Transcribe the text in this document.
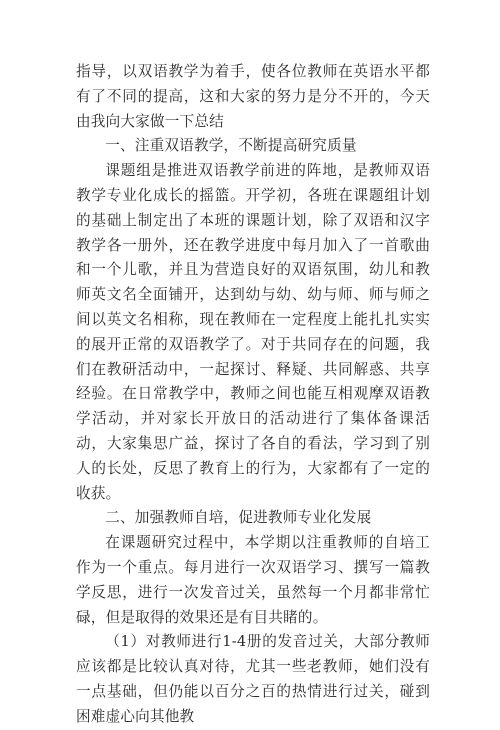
指导，以双语教学为着手，使各位教师在英语水平都有了不同的提高，这和大家的努力是分不开的，今天由我向大家做一下总结

一、注重双语教学，不断提高研究质量

课题组是推进双语教学前进的阵地，是教师双语教学专业化成长的摇篮。开学初，各班在课题组计划的基础上制定出了本班的课题计划，除了双语和汉字教学各一册外，还在教学进度中每月加入了一首歌曲和一个儿歌，并且为营造良好的双语氛围，幼儿和教师英文名全面铺开，达到幼与幼、幼与师、师与师之间以英文名相称，现在教师在一定程度上能扎扎实实的展开正常的双语教学了。对于共同存在的问题，我们在教研活动中，一起探讨、释疑、共同解惑、共享经验。在日常教学中，教师之间也能互相观摩双语教学活动，并对家长开放日的活动进行了集体备课活动，大家集思广益，探讨了各自的看法，学习到了别人的长处，反思了教育上的行为，大家都有了一定的收获。

二、加强教师自培，促进教师专业化发展

在课题研究过程中，本学期以注重教师的自培工作为一个重点。每月进行一次双语学习、撰写一篇教学反思，进行一次发音过关，虽然每一个月都非常忙碌，但是取得的效果还是有目共睹的。

（1）对教师进行1-4册的发音过关，大部分教师应该都是比较认真对待，尤其一些老教师，她们没有一点基础，但仍能以百分之百的热情进行过关，碰到困难虚心向其他教
